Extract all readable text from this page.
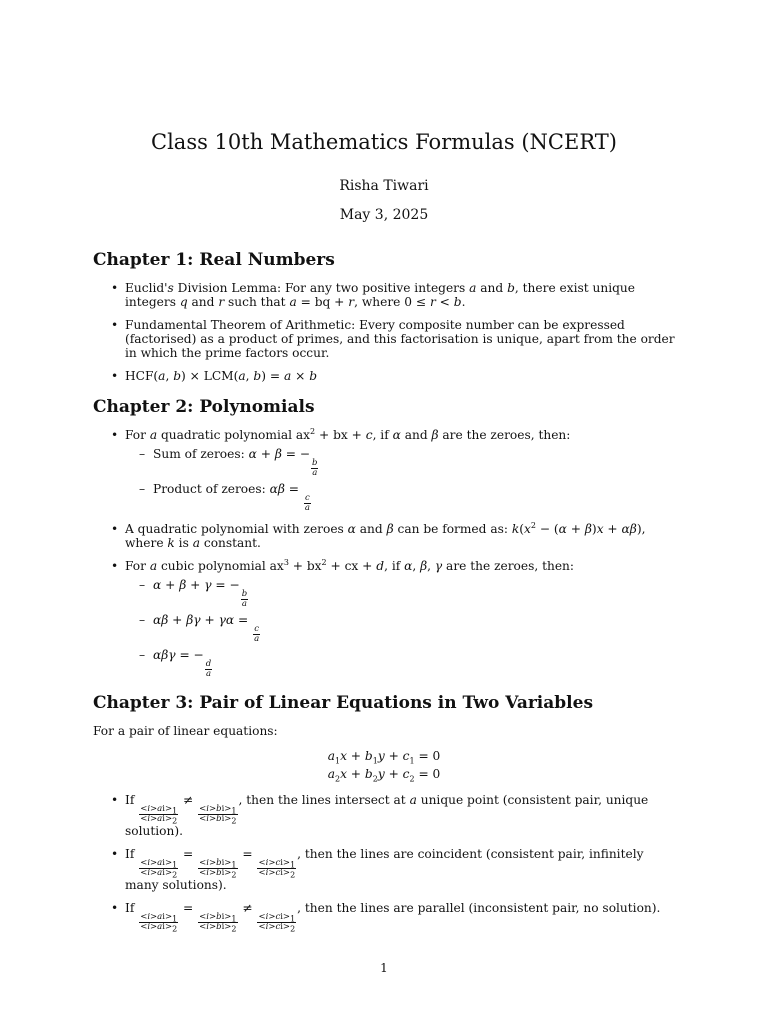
Class 10th Mathematics Formulas (NCERT)
Risha Tiwari
May 3, 2025
Chapter 1: Real Numbers
• Euclid's Division Lemma: For any two positive integers a and b, there exist unique integers q and r such that a = bq + r, where 0 ≤ r < b.
• Fundamental Theorem of Arithmetic: Every composite number can be expressed (factorised) as a product of primes, and this factorisation is unique, apart from the order in which the prime factors occur.
• HCF(a, b) × LCM(a, b) = a × b
Chapter 2: Polynomials
• For a quadratic polynomial $ax^2$ + bx + c, if α and β are the zeroes, then:
– Sum of zeroes: α + β = −
$\frac{b}{a}$
– Product of zeroes: αβ =
$\frac{c}{a}$
• A quadratic polynomial with zeroes α and β can be formed as: $k(x^2 - (\alpha + \beta)x + \alpha\beta)$, where k is a constant.
• For a cubic polynomial $ax^3 + bx^2$ + cx + d, if α, β, γ are the zeroes, then:
– α + β + γ = −
$\frac{b}{a}$
– αβ + βγ + γα =
$\frac{c}{a}$
– αβγ = −
$\frac{d}{a}$
Chapter 3: Pair of Linear Equations in Two Variables

For a pair of linear equations:

$a_1x + b_1y + c_1 = 0$
$a_2x + b_2y + c_2 = 0$
• If
$\frac{<i>ai>_1}{<i>ai>_2}$
≠
$\frac{<i>bi>_1}{<i>bi>_2}$
, then the lines intersect at a unique point (consistent pair, unique solution).
• If
$\frac{<i>ai>_1}{<i>ai>_2}$
=
$\frac{<i>bi>_1}{<i>bi>_2}$
=
$\frac{<i>ci>_1}{<i>ci>_2}$
, then the lines are coincident (consistent pair, infinitely many solutions).
• If
$\frac{<i>ai>_1}{<i>ai>_2}$
=
$\frac{<i>bi>_1}{<i>bi>_2}$
≠
$\frac{<i>ci>_1}{<i>ci>_2}$
, then the lines are parallel (inconsistent pair, no solution).
1
